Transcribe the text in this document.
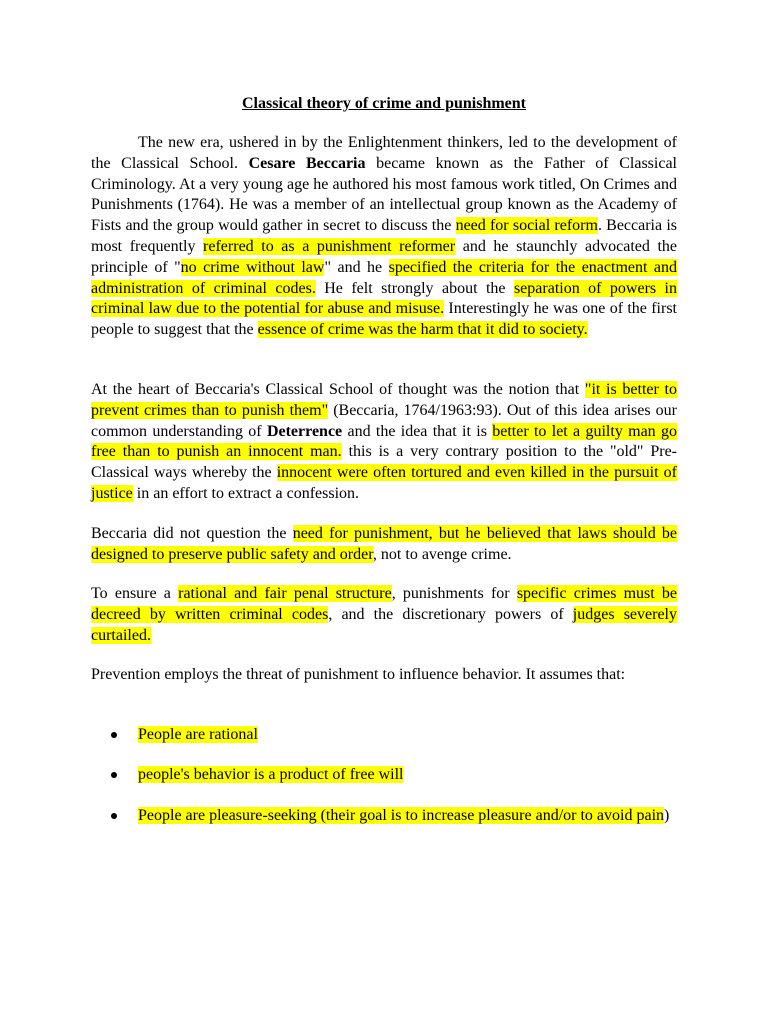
Classical theory of crime and punishment

The new era, ushered in by the Enlightenment thinkers, led to the development of the Classical School. Cesare Beccaria became known as the Father of Classical Criminology. At a very young age he authored his most famous work titled, On Crimes and Punishments (1764). He was a member of an intellectual group known as the Academy of Fists and the group would gather in secret to discuss the need for social reform. Beccaria is most frequently referred to as a punishment reformer and he staunchly advocated the principle of "no crime without law" and he specified the criteria for the enactment and administration of criminal codes. He felt strongly about the separation of powers in criminal law due to the potential for abuse and misuse. Interestingly he was one of the first people to suggest that the essence of crime was the harm that it did to society.

At the heart of Beccaria's Classical School of thought was the notion that "it is better to prevent crimes than to punish them" (Beccaria, 1764/1963:93). Out of this idea arises our common understanding of Deterrence and the idea that it is better to let a guilty man go free than to punish an innocent man. this is a very contrary position to the "old" Pre-Classical ways whereby the innocent were often tortured and even killed in the pursuit of justice in an effort to extract a confession.

Beccaria did not question the need for punishment, but he believed that laws should be designed to preserve public safety and order, not to avenge crime.

To ensure a rational and fair penal structure, punishments for specific crimes must be decreed by written criminal codes, and the discretionary powers of judges severely curtailed.

Prevention employs the threat of punishment to influence behavior. It assumes that:

People are rational
people's behavior is a product of free will
People are pleasure-seeking (their goal is to increase pleasure and/or to avoid pain)
